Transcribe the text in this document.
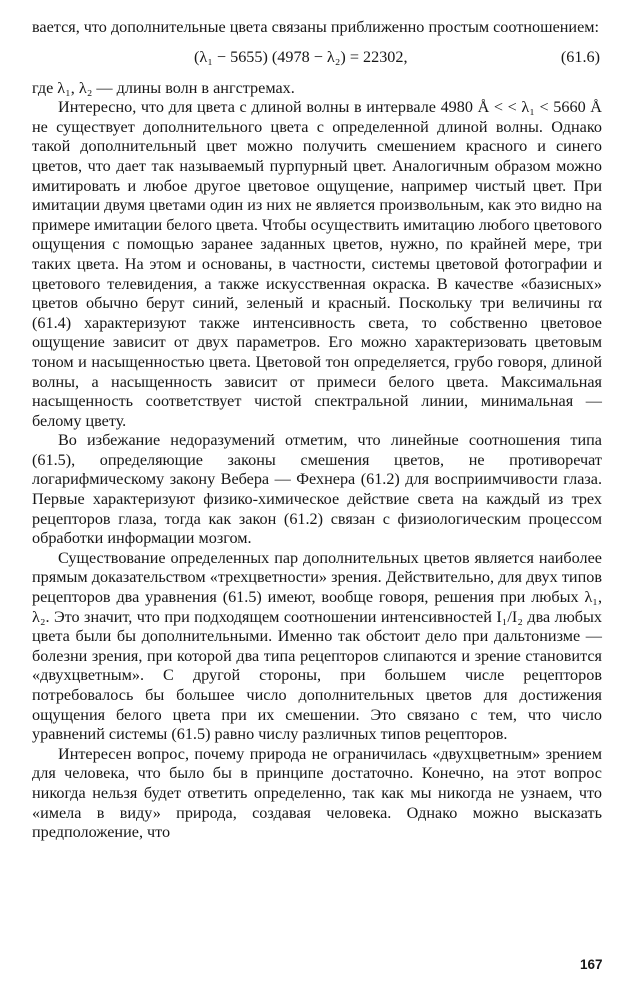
вается, что дополнительные цвета связаны приближенно простым соотношением:

(λ₁ − 5655) (4978 − λ₂) = 22302,	(61.6)

где λ₁, λ₂ — длины волн в ангстремах.

Интересно, что для цвета с длиной волны в интервале 4980 Å < < λ₁ < 5660 Å не существует дополнительного цвета с определенной длиной волны. Однако такой дополнительный цвет можно получить смешением красного и синего цветов, что дает так называемый пурпурный цвет. Аналогичным образом можно имитировать и любое другое цветовое ощущение, например чистый цвет. При имитации двумя цветами один из них не является произвольным, как это видно на примере имитации белого цвета. Чтобы осуществить имитацию любого цветового ощущения с помощью заранее заданных цветов, нужно, по крайней мере, три таких цвета. На этом и основаны, в частности, системы цветовой фотографии и цветового телевидения, а также искусственная окраска. В качестве «базисных» цветов обычно берут синий, зеленый и красный. Поскольку три величины rα (61.4) характеризуют также интенсивность света, то собственно цветовое ощущение зависит от двух параметров. Его можно характеризовать цветовым тоном и насыщенностью цвета. Цветовой тон определяется, грубо говоря, длиной волны, а насыщенность зависит от примеси белого цвета. Максимальная насыщенность соответствует чистой спектральной линии, минимальная — белому цвету.

Во избежание недоразумений отметим, что линейные соотношения типа (61.5), определяющие законы смешения цветов, не противоречат логарифмическому закону Вебера — Фехнера (61.2) для восприимчивости глаза. Первые характеризуют физико-химическое действие света на каждый из трех рецепторов глаза, тогда как закон (61.2) связан с физиологическим процессом обработки информации мозгом.

Существование определенных пар дополнительных цветов является наиболее прямым доказательством «трехцветности» зрения. Действительно, для двух типов рецепторов два уравнения (61.5) имеют, вообще говоря, решения при любых λ₁, λ₂. Это значит, что при подходящем соотношении интенсивностей I₁/I₂ два любых цвета были бы дополнительными. Именно так обстоит дело при дальтонизме — болезни зрения, при которой два типа рецепторов слипаются и зрение становится «двухцветным». С другой стороны, при большем числе рецепторов потребовалось бы большее число дополнительных цветов для достижения ощущения белого цвета при их смешении. Это связано с тем, что число уравнений системы (61.5) равно числу различных типов рецепторов.

Интересен вопрос, почему природа не ограничилась «двухцветным» зрением для человека, что было бы в принципе достаточно. Конечно, на этот вопрос никогда нельзя будет ответить определенно, так как мы никогда не узнаем, что «имела в виду» природа, создавая человека. Однако можно высказать предположение, что

167
